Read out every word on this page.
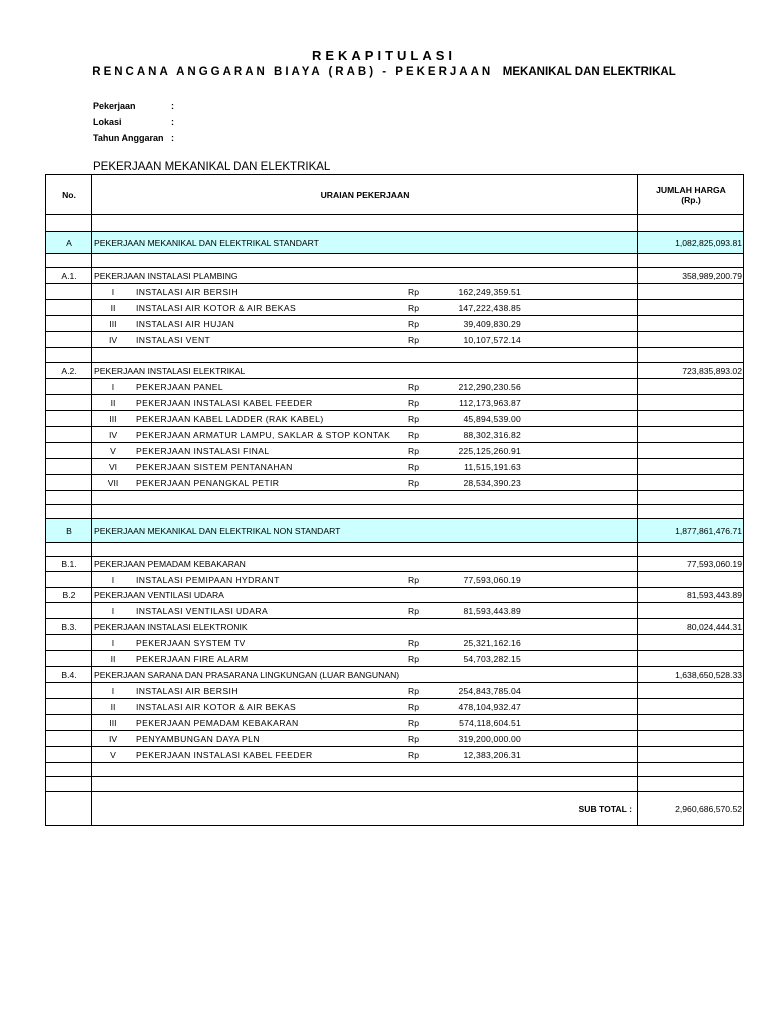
REKAPITULASI
RENCANA ANGGARAN BIAYA (RAB) - PEKERJAAN MEKANIKAL DAN ELEKTRIKAL
Pekerjaan	:
Lokasi	:
Tahun Anggaran :
PEKERJAAN MEKANIKAL DAN ELEKTRIKAL
No.	URAIAN PEKERJAAN	JUMLAH HARGA
(Rp.)
A	PEKERJAAN MEKANIKAL DAN ELEKTRIKAL STANDART	1,082,825,093.81
A.1.	PEKERJAAN INSTALASI PLAMBING	358,989,200.79
I	INSTALASI AIR BERSIH	Rp	162,249,359.51
II	INSTALASI AIR KOTOR & AIR BEKAS	Rp	147,222,438.85
III	INSTALASI AIR HUJAN	Rp	39,409,830.29
IV	INSTALASI VENT	Rp	10,107,572.14
A.2.	PEKERJAAN INSTALASI ELEKTRIKAL	723,835,893.02
I	PEKERJAAN PANEL	Rp	212,290,230.56
II	PEKERJAAN INSTALASI KABEL FEEDER	Rp	112,173,963.87
III	PEKERJAAN KABEL LADDER (RAK KABEL)	Rp	45,894,539.00
IV	PEKERJAAN ARMATUR LAMPU, SAKLAR & STOP KONTAK Rp	88,302,316.82
V	PEKERJAAN INSTALASI FINAL	Rp	225,125,260.91
VI	PEKERJAAN SISTEM PENTANAHAN	Rp	11,515,191.63
VII	PEKERJAAN PENANGKAL PETIR	Rp	28,534,390.23
B	PEKERJAAN MEKANIKAL DAN ELEKTRIKAL NON STANDART	1,877,861,476.71
B.1.	PEKERJAAN PEMADAM KEBAKARAN	77,593,060.19
I	INSTALASI PEMIPAAN HYDRANT	Rp	77,593,060.19
B.2	PEKERJAAN VENTILASI UDARA	81,593,443.89
I	INSTALASI VENTILASI UDARA	Rp	81,593,443.89
B.3.	PEKERJAAN INSTALASI ELEKTRONIK	80,024,444.31
I	PEKERJAAN SYSTEM TV	Rp	25,321,162.16
II	PEKERJAAN FIRE ALARM	Rp	54,703,282.15
B.4.	PEKERJAAN SARANA DAN PRASARANA LINGKUNGAN (LUAR BANGUNAN)	1,638,650,528.33
I	INSTALASI AIR BERSIH	Rp	254,843,785.04
II	INSTALASI AIR KOTOR & AIR BEKAS	Rp	478,104,932.47
III	PEKERJAAN PEMADAM KEBAKARAN	Rp	574,118,604.51
IV	PENYAMBUNGAN DAYA PLN	Rp	319,200,000.00
V	PEKERJAAN INSTALASI KABEL FEEDER	Rp	12,383,206.31
SUB TOTAL :	2,960,686,570.52
